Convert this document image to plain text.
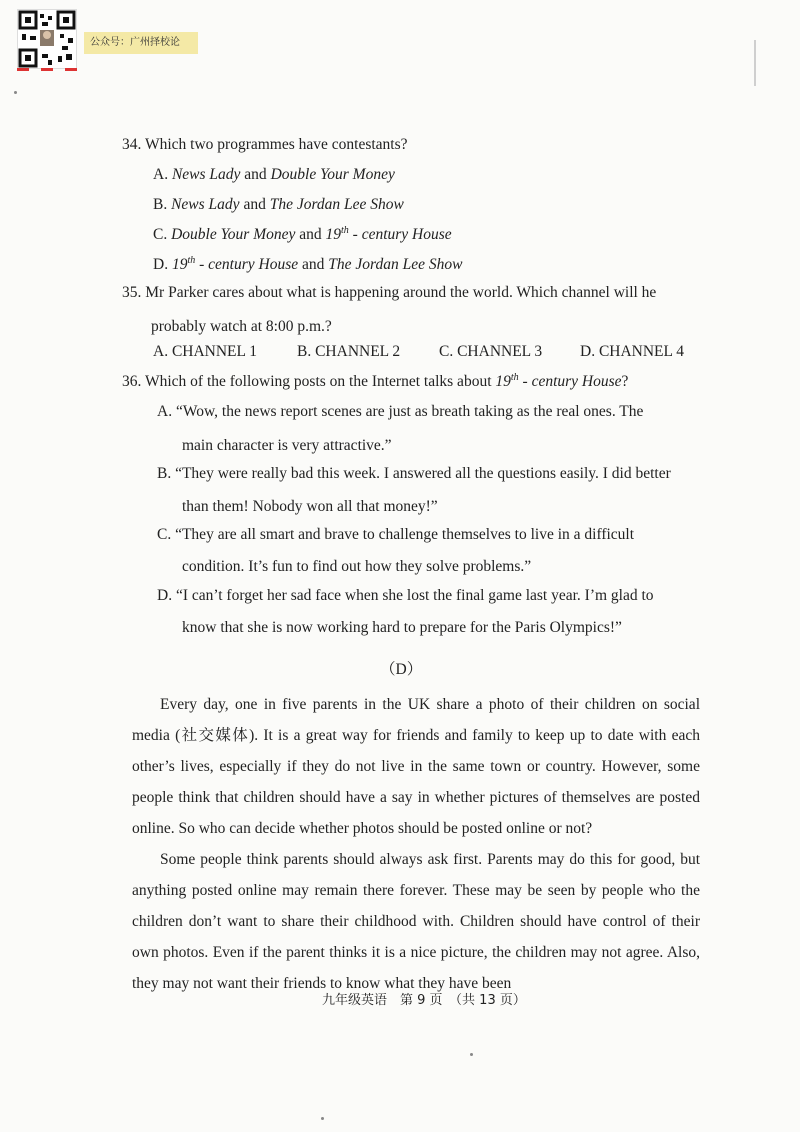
公众号：广州择校论
34. Which two programmes have contestants?
A. News Lady and Double Your Money
B. News Lady and The Jordan Lee Show
C. Double Your Money and 19th - century House
D. 19th - century House and The Jordan Lee Show
35. Mr Parker cares about what is happening around the world. Which channel will he
probably watch at 8:00 p.m.?
A. CHANNEL 1	B. CHANNEL 2	C. CHANNEL 3 D. CHANNEL 4
36. Which of the following posts on the Internet talks about 19th - century House?
A. “Wow, the news report scenes are just as breath taking as the real ones. The
main character is very attractive.”
B. “They were really bad this week. I answered all the questions easily. I did better
than them! Nobody won all that money!”
C. “They are all smart and brave to challenge themselves to live in a difficult
condition. It’s fun to find out how they solve problems.”
D. “I can’t forget her sad face when she lost the final game last year. I’m glad to
know that she is now working hard to prepare for the Paris Olympics!”
（D）

Every day, one in five parents in the UK share a photo of their children on social media (社交媒体). It is a great way for friends and family to keep up to date with each other’s lives, especially if they do not live in the same town or country. However, some people think that children should have a say in whether pictures of themselves are posted online. So who can decide whether photos should be posted online or not?

Some people think parents should always ask first. Parents may do this for good, but anything posted online may remain there forever. These may be seen by people who the children don’t want to share their childhood with. Children should have control of their own photos. Even if the parent thinks it is a nice picture, the children may not agree. Also, they may not want their friends to know what they have been

九年级英语　第 9 页　（共 13 页）
